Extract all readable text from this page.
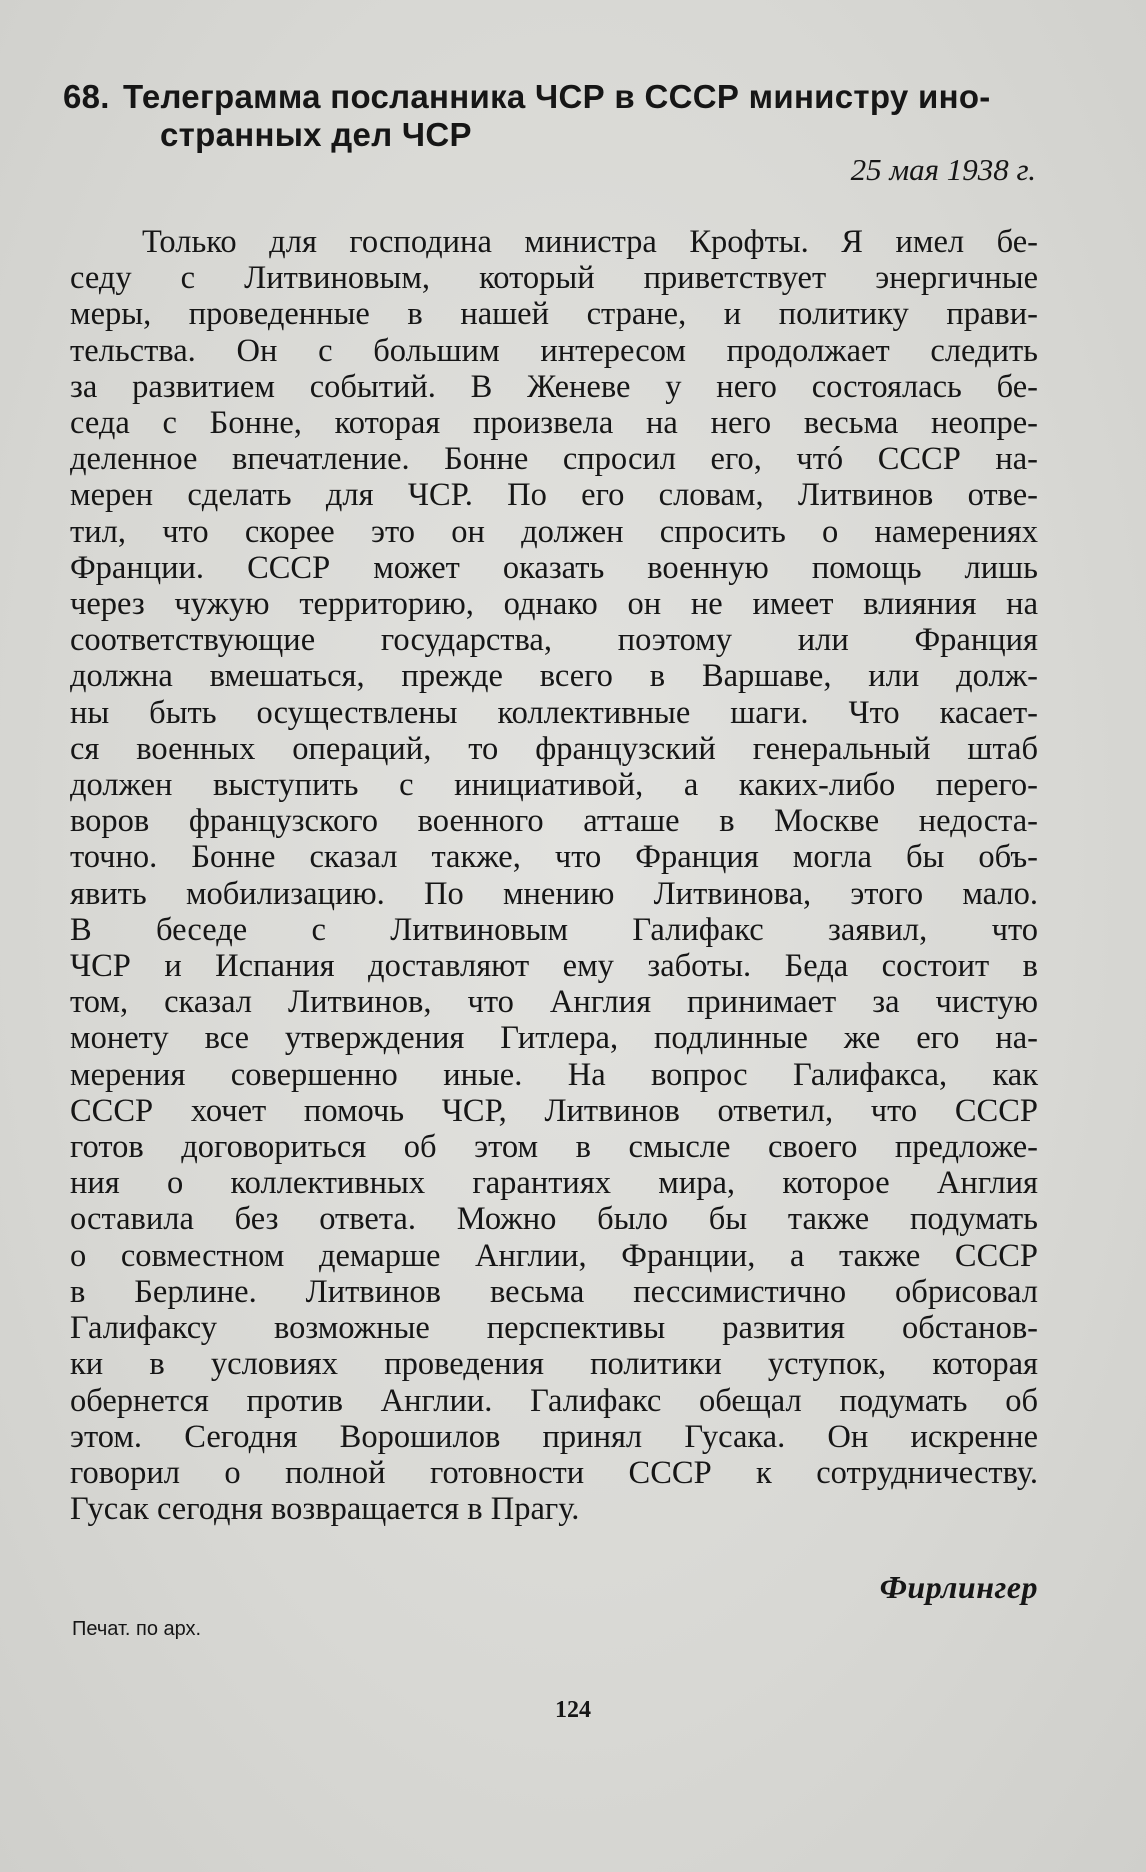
68. Телеграмма посланника ЧСР в СССР министру ино-
странных дел ЧСР
25 мая 1938 г.
Только для господина министра Крофты. Я имел бе-
седу с Литвиновым, который приветствует энергичные
меры, проведенные в нашей стране, и политику прави-
тельства. Он с большим интересом продолжает следить
за развитием событий. В Женеве у него состоялась бе-
седа с Бонне, которая произвела на него весьма неопре-
деленное впечатление. Бонне спросил его, чтó СССР на-
мерен сделать для ЧСР. По его словам, Литвинов отве-
тил, что скорее это он должен спросить о намерениях
Франции. СССР может оказать военную помощь лишь
через чужую территорию, однако он не имеет влияния на
соответствующие государства, поэтому или Франция
должна вмешаться, прежде всего в Варшаве, или долж-
ны быть осуществлены коллективные шаги. Что касает-
ся военных операций, то французский генеральный штаб
должен выступить с инициативой, а каких-либо перего-
воров французского военного атташе в Москве недоста-
точно. Бонне сказал также, что Франция могла бы объ-
явить мобилизацию. По мнению Литвинова, этого мало.
В беседе с Литвиновым Галифакс заявил, что
ЧСР и Испания доставляют ему заботы. Беда состоит в
том, сказал Литвинов, что Англия принимает за чистую
монету все утверждения Гитлера, подлинные же его на-
мерения совершенно иные. На вопрос Галифакса, как
СССР хочет помочь ЧСР, Литвинов ответил, что СССР
готов договориться об этом в смысле своего предложе-
ния о коллективных гарантиях мира, которое Англия
оставила без ответа. Можно было бы также подумать
о совместном демарше Англии, Франции, а также СССР
в Берлине. Литвинов весьма пессимистично обрисовал
Галифаксу возможные перспективы развития обстанов-
ки в условиях проведения политики уступок, которая
обернется против Англии. Галифакс обещал подумать об
этом. Сегодня Ворошилов принял Гусака. Он искренне
говорил о полной готовности СССР к сотрудничеству.
Гусак сегодня возвращается в Прагу.
Фирлингер
Печат. по арх.
124
